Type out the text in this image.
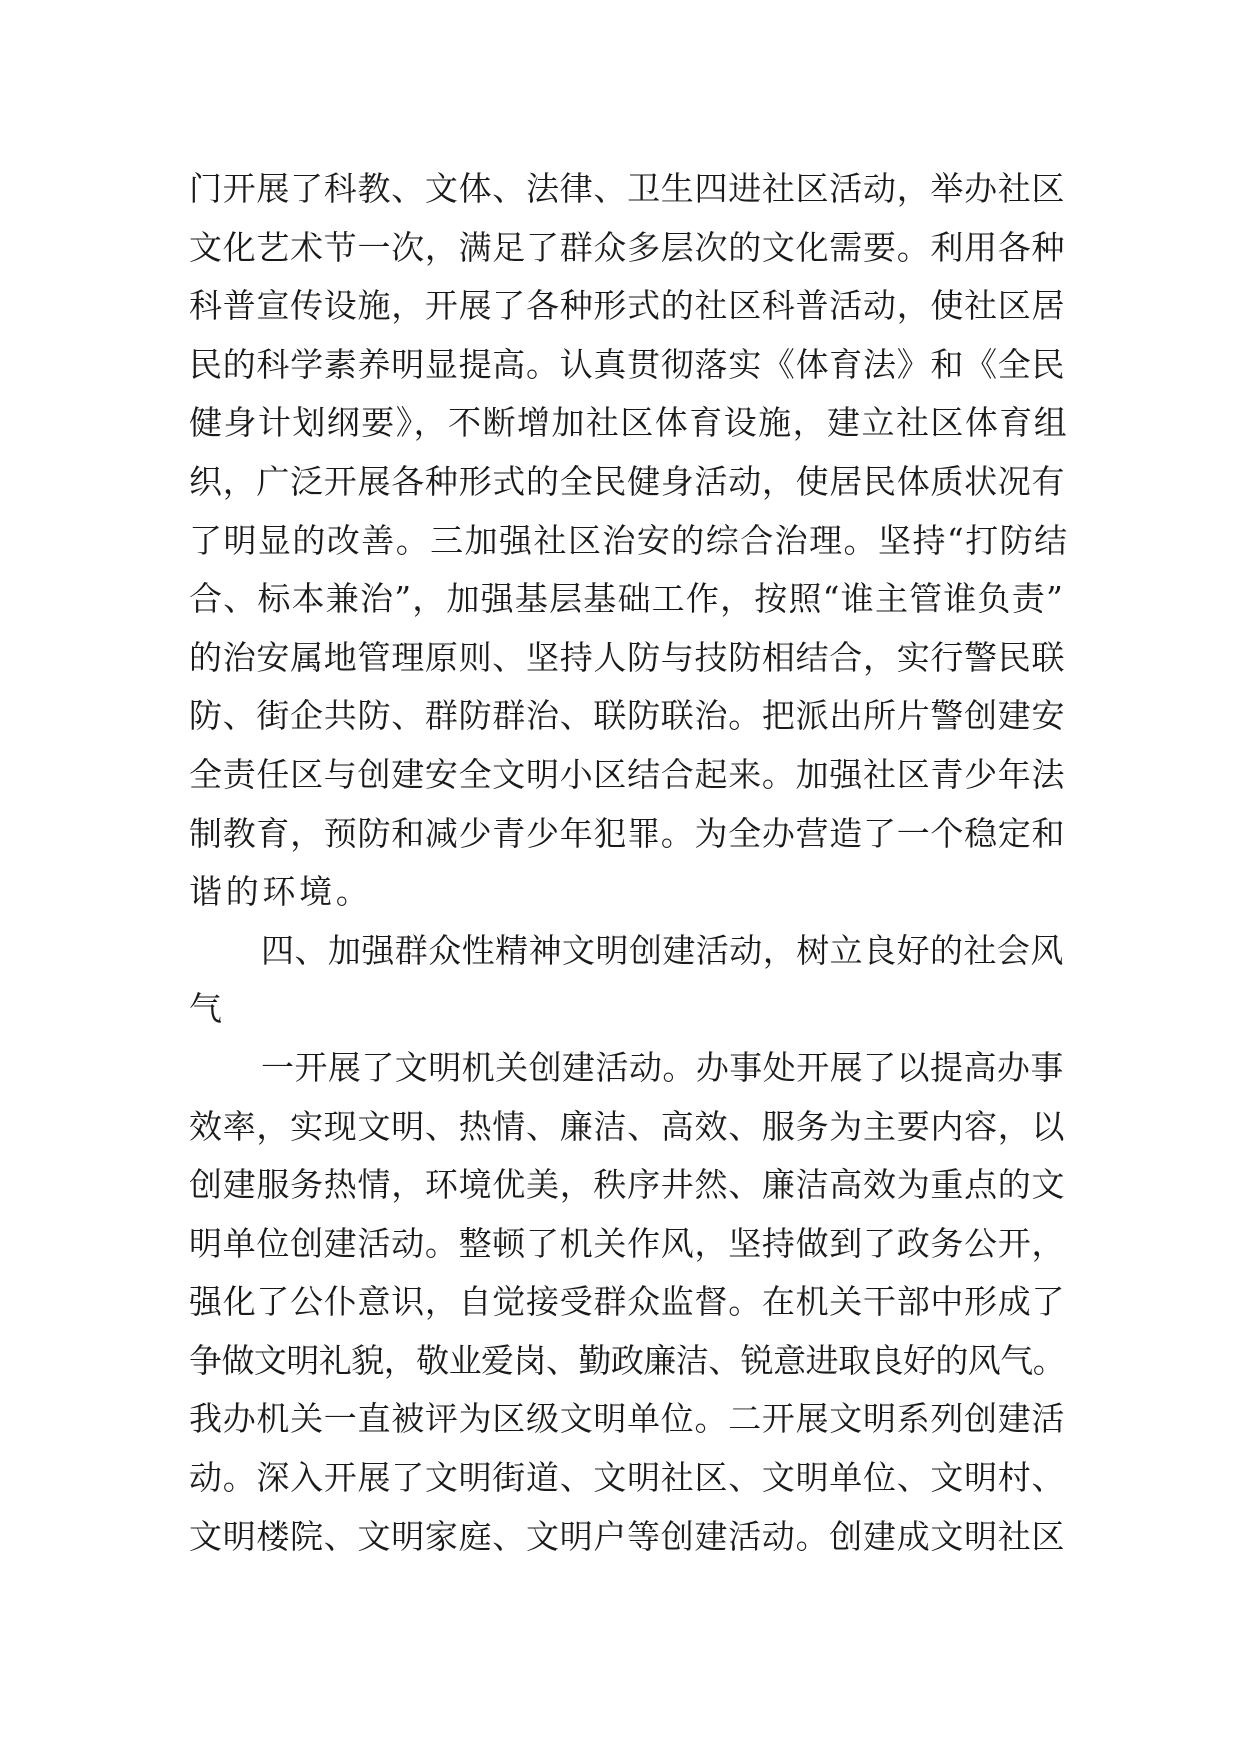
门开展了科教、文体、法律、卫生四进社区活动，举办社区
文化艺术节一次，满足了群众多层次的文化需要。利用各种
科普宣传设施，开展了各种形式的社区科普活动，使社区居
民的科学素养明显提高。认真贯彻落实《体育法》和《全民
健身计划纲要》，不断增加社区体育设施，建立社区体育组
织，广泛开展各种形式的全民健身活动，使居民体质状况有
了明显的改善。三加强社区治安的综合治理。坚持“打防结
合、标本兼治”，加强基层基础工作，按照“谁主管谁负责”
的治安属地管理原则、坚持人防与技防相结合，实行警民联
防、街企共防、群防群治、联防联治。把派出所片警创建安
全责任区与创建安全文明小区结合起来。加强社区青少年法
制教育，预防和减少青少年犯罪。为全办营造了一个稳定和
谐的环境。
四、加强群众性精神文明创建活动，树立良好的社会风
气
一开展了文明机关创建活动。办事处开展了以提高办事
效率，实现文明、热情、廉洁、高效、服务为主要内容，以
创建服务热情，环境优美，秩序井然、廉洁高效为重点的文
明单位创建活动。整顿了机关作风，坚持做到了政务公开，
强化了公仆意识，自觉接受群众监督。在机关干部中形成了
争做文明礼貌，敬业爱岗、勤政廉洁、锐意进取良好的风气。
我办机关一直被评为区级文明单位。二开展文明系列创建活
动。深入开展了文明街道、文明社区、文明单位、文明村、
文明楼院、文明家庭、文明户等创建活动。创建成文明社区
